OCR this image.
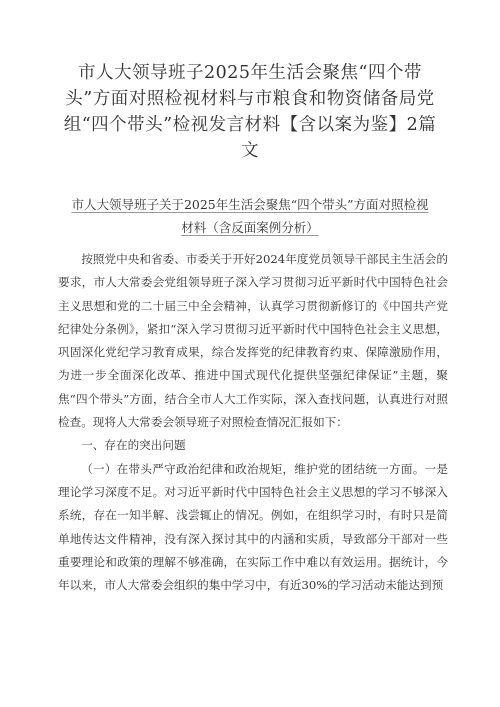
市人大领导班子2025年生活会聚焦“四个带头”方面对照检视材料与市粮食和物资储备局党组“四个带头”检视发言材料【含以案为鉴】2篇文
市人大领导班子关于2025年生活会聚焦“四个带头”方面对照检视
材料（含反面案例分析）

按照党中央和省委、市委关于开好2024年度党员领导干部民主生活会的要求，市人大常委会党组领导班子深入学习贯彻习近平新时代中国特色社会主义思想和党的二十届三中全会精神，认真学习贯彻新修订的《中国共产党纪律处分条例》，紧扣“深入学习贯彻习近平新时代中国特色社会主义思想，巩固深化党纪学习教育成果，综合发挥党的纪律教育约束、保障激励作用，为进一步全面深化改革、推进中国式现代化提供坚强纪律保证”主题，聚焦“四个带头”方面，结合全市人大工作实际，深入查找问题，认真进行对照检查。现将人大常委会领导班子对照检查情况汇报如下：

一、存在的突出问题

（一）在带头严守政治纪律和政治规矩，维护党的团结统一方面。一是理论学习深度不足。对习近平新时代中国特色社会主义思想的学习不够深入系统，存在一知半解、浅尝辄止的情况。例如，在组织学习时，有时只是简单地传达文件精神，没有深入探讨其中的内涵和实质，导致部分干部对一些重要理论和政策的理解不够准确，在实际工作中难以有效运用。据统计，今年以来，市人大常委会组织的集中学习中，有近30%的学习活动未能达到预
